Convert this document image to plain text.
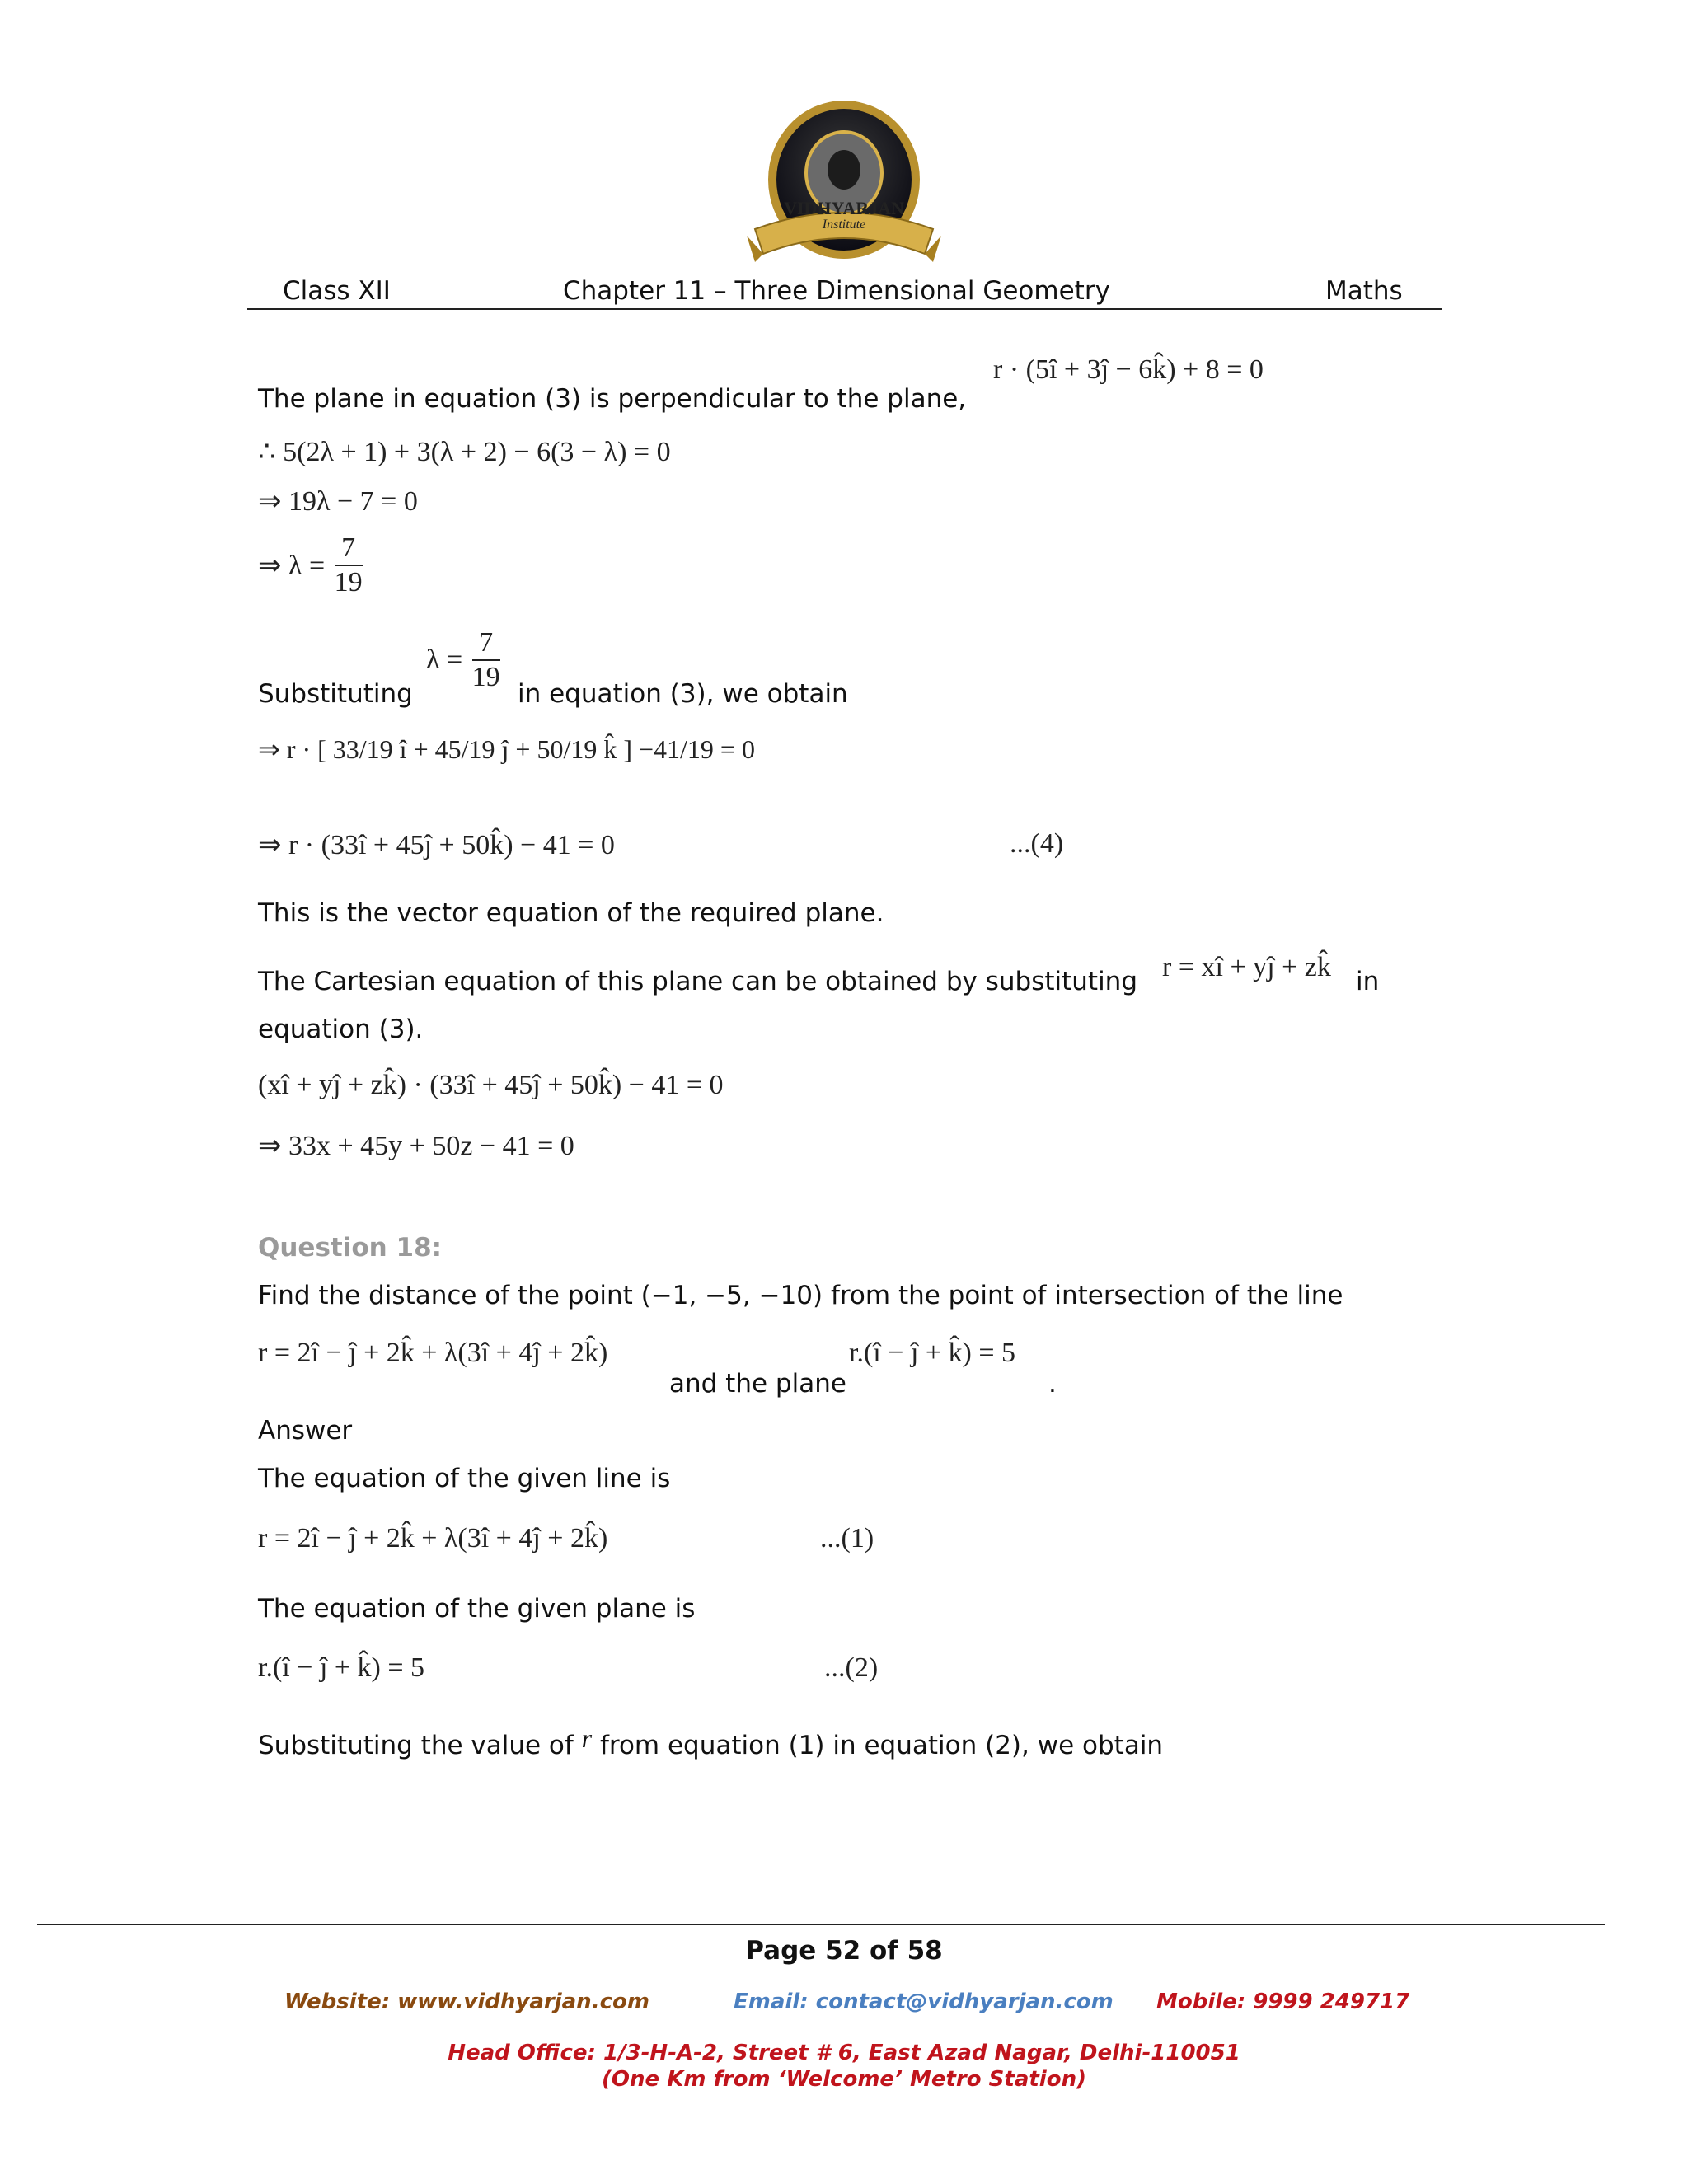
VIDHYARJAN
Institute
Class XII	Chapter 11 – Three Dimensional Geometry	Maths
r · (5î + 3ĵ − 6k̂) + 8 = 0
The plane in equation (3) is perpendicular to the plane,
∴ 5(2λ + 1) + 3(λ + 2) − 6(3 − λ) = 0
⇒ 19λ − 7 = 0
⇒ $\lambda = \frac{7}{19}$
Substituting
$\lambda = \frac{7}{19}$ in equation (3), we obtain
⇒ r · [ 33/19 î + 45/19 ĵ + 50/19 k̂ ] −41/19 = 0
⇒ r · (33î + 45ĵ + 50k̂) − 41 = 0	...(4)
This is the vector equation of the required plane.
The Cartesian equation of this plane can be obtained by substituting r = xî + yĵ + zk̂ in
equation (3).
(xî + yĵ + zk̂) · (33î + 45ĵ + 50k̂) − 41 = 0
⇒ 33x + 45y + 50z − 41 = 0
Question 18:
Find the distance of the point (−1, −5, −10) from the point of intersection of the line
r = 2î − ĵ + 2k̂ + λ(3î + 4ĵ + 2k̂)
and the plane
r.(î − ĵ + k̂) = 5
.
Answer
The equation of the given line is
r = 2î − ĵ + 2k̂ + λ(3î + 4ĵ + 2k̂)	...(1)
The equation of the given plane is
r.(î − ĵ + k̂) = 5	...(2)
Substituting the value of r from equation (1) in equation (2), we obtain
Page 52 of 58
Website: www.vidhyarjan.com	Email: contact@vidhyarjan.com Mobile: 9999 249717
Head Office: 1/3-H-A-2, Street # 6, East Azad Nagar, Delhi-110051
(One Km from ‘Welcome’ Metro Station)
